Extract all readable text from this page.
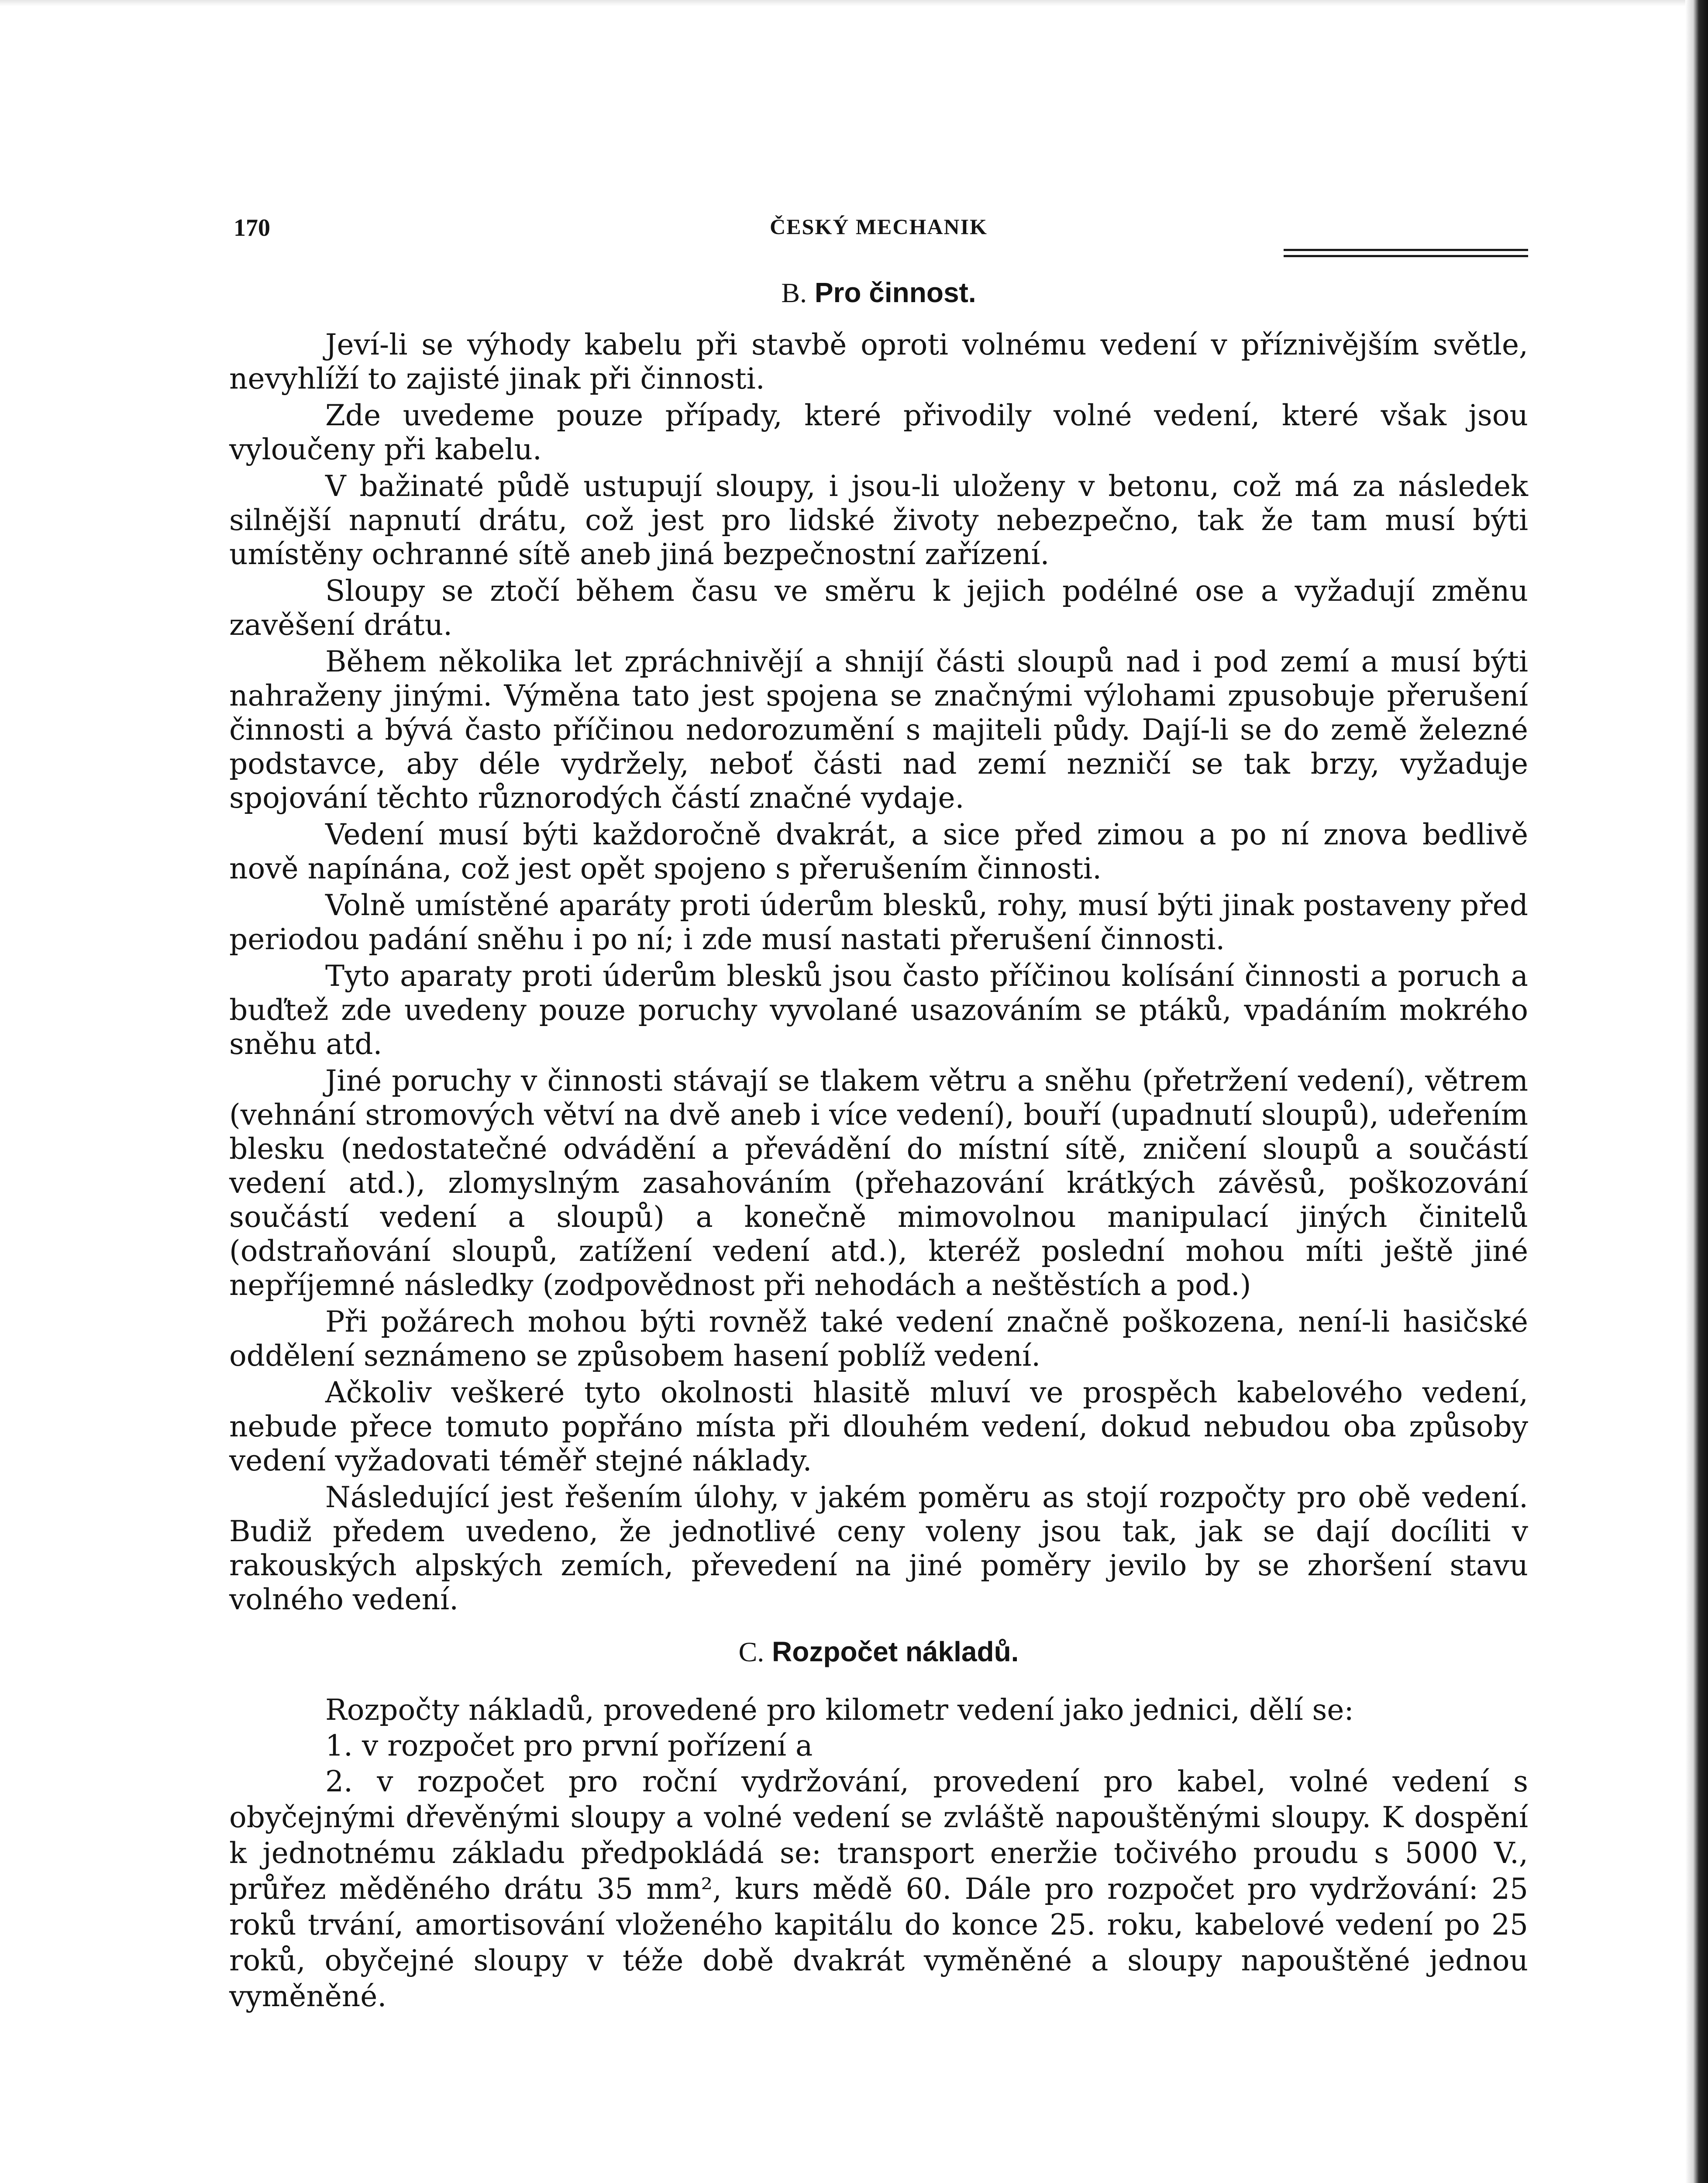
170	ČESKÝ MECHANIK
B. Pro činnost.

Jeví-li se výhody kabelu při stavbě oproti volnému vedení v příznivějším světle, nevyhlíží to zajisté jinak při činnosti.

Zde uvedeme pouze případy, které přivodily volné vedení, které však jsou vyloučeny při kabelu.

V bažinaté půdě ustupují sloupy, i jsou-li uloženy v betonu, což má za následek silnější napnutí drátu, což jest pro lidské životy nebezpečno, tak že tam musí býti umístěny ochranné sítě aneb jiná bezpečnostní zařízení.

Sloupy se ztočí během času ve směru k jejich podélné ose a vyžadují změnu zavěšení drátu.

Během několika let zpráchnivějí a shnijí části sloupů nad i pod zemí a musí býti nahraženy jinými. Výměna tato jest spojena se značnými výlohami zpusobuje přerušení činnosti a bývá často příčinou nedorozumění s majiteli půdy. Dají-li se do země železné podstavce, aby déle vydržely, neboť části nad zemí nezničí se tak brzy, vyžaduje spojování těchto různorodých částí značné vydaje.

Vedení musí býti každoročně dvakrát, a sice před zimou a po ní znova bedlivě nově napínána, což jest opět spojeno s přerušením činnosti.

Volně umístěné aparáty proti úderům blesků, rohy, musí býti jinak postaveny před periodou padání sněhu i po ní; i zde musí nastati přerušení činnosti.

Tyto aparaty proti úderům blesků jsou často příčinou kolísání činnosti a poruch a buďtež zde uvedeny pouze poruchy vyvolané usazováním se ptáků, vpadáním mokrého sněhu atd.

Jiné poruchy v činnosti stávají se tlakem větru a sněhu (přetržení vedení), větrem (vehnání stromových větví na dvě aneb i více vedení), bouří (upadnutí sloupů), udeřením blesku (nedostatečné odvádění a převádění do místní sítě, zničení sloupů a součástí vedení atd.), zlomyslným zasahováním (přehazování krátkých závěsů, poškozování součástí vedení a sloupů) a konečně mimovolnou manipulací jiných činitelů (odstraňování sloupů, zatížení vedení atd.), kteréž poslední mohou míti ještě jiné nepříjemné následky (zodpovědnost při nehodách a neštěstích a pod.)

Při požárech mohou býti rovněž také vedení značně poškozena, není-li hasičské oddělení seznámeno se způsobem hasení poblíž vedení.

Ačkoliv veškeré tyto okolnosti hlasitě mluví ve prospěch kabelového vedení, nebude přece tomuto popřáno místa při dlouhém vedení, dokud nebudou oba způsoby vedení vyžadovati téměř stejné náklady.

Následující jest řešením úlohy, v jakém poměru as stojí rozpočty pro obě vedení. Budiž předem uvedeno, že jednotlivé ceny voleny jsou tak, jak se dají docíliti v rakouských alpských zemích, převedení na jiné poměry jevilo by se zhoršení stavu volného vedení.

C. Rozpočet nákladů.

Rozpočty nákladů, provedené pro kilometr vedení jako jednici, dělí se:

1. v rozpočet pro první pořízení a

2. v rozpočet pro roční vydržování, provedení pro kabel, volné vedení s obyčejnými dřevěnými sloupy a volné vedení se zvláště napouštěnými sloupy. K dospění k jednotnému základu předpokládá se: transport eneržie točivého proudu s 5000 V., průřez měděného drátu 35 mm², kurs mědě 60. Dále pro rozpočet pro vydržování: 25 roků trvání, amortisování vloženého kapitálu do konce 25. roku, kabelové vedení po 25 roků, obyčejné sloupy v téže době dvakrát vyměněné a sloupy napouštěné jednou vyměněné.
